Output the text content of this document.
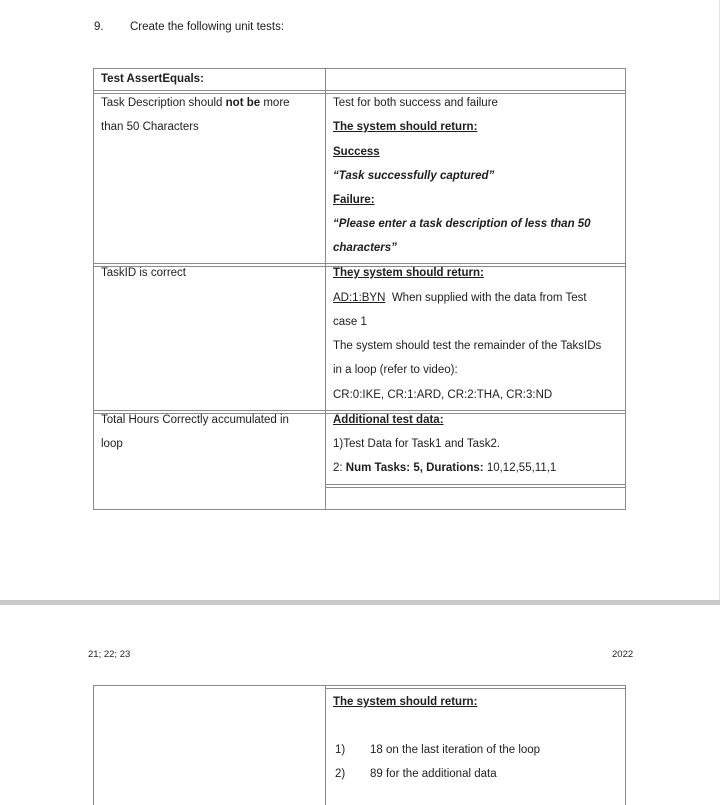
9. Create the following unit tests:
Test AssertEquals:
Task Description should not be more
than 50 Characters
Test for both success and failure
The system should return:
Success
“Task successfully captured”
Failure:
“Please enter a task description of less than 50
characters”
TaskID is correct	They system should return:
AD:1:BYN When supplied with the data from Test
case 1
The system should test the remainder of the TaksIDs
in a loop (refer to video):
CR:0:IKE, CR:1:ARD, CR:2:THA, CR:3:ND
Total Hours Correctly accumulated in
loop
Additional test data:
1)Test Data for Task1 and Task2.
2: Num Tasks: 5, Durations: 10,12,55,11,1
21; 22; 23	2022
The system should return:
1) 18 on the last iteration of the loop
2) 89 for the additional data
